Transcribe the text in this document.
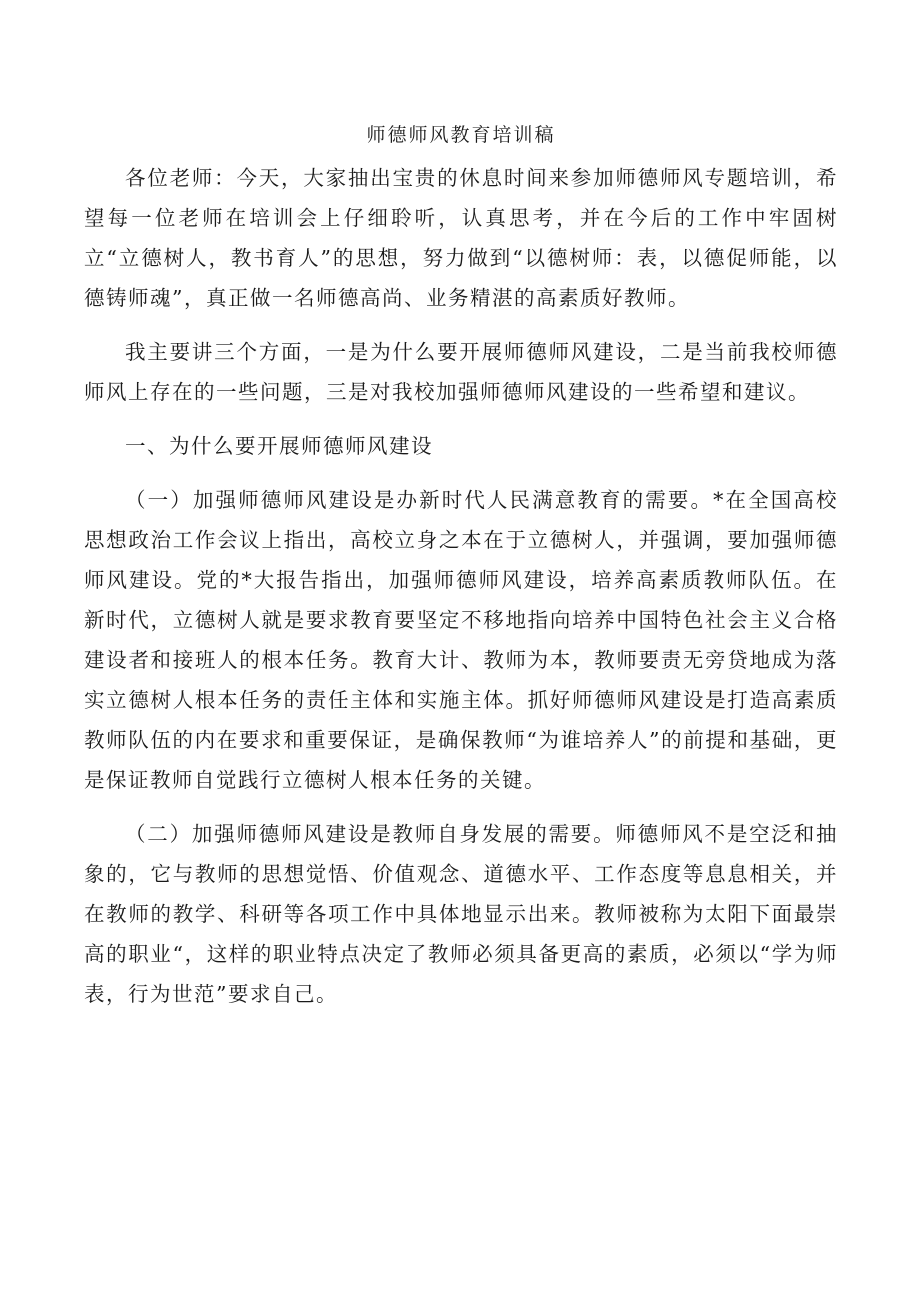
师德师风教育培训稿

各位老师：今天，大家抽出宝贵的休息时间来参加师德师风专题培训，希望每一位老师在培训会上仔细聆听，认真思考，并在今后的工作中牢固树立“立德树人，教书育人”的思想，努力做到“以德树师：表，以德促师能，以德铸师魂”，真正做一名师德高尚、业务精湛的高素质好教师。

我主要讲三个方面，一是为什么要开展师德师风建设，二是当前我校师德师风上存在的一些问题，三是对我校加强师德师风建设的一些希望和建议。

一、为什么要开展师德师风建设

（一）加强师德师风建设是办新时代人民满意教育的需要。*在全国高校思想政治工作会议上指出，高校立身之本在于立德树人，并强调，要加强师德师风建设。党的*大报告指出，加强师德师风建设，培养高素质教师队伍。在新时代，立德树人就是要求教育要坚定不移地指向培养中国特色社会主义合格建设者和接班人的根本任务。教育大计、教师为本，教师要责无旁贷地成为落实立德树人根本任务的责任主体和实施主体。抓好师德师风建设是打造高素质教师队伍的内在要求和重要保证，是确保教师“为谁培养人”的前提和基础，更是保证教师自觉践行立德树人根本任务的关键。

（二）加强师德师风建设是教师自身发展的需要。师德师风不是空泛和抽象的，它与教师的思想觉悟、价值观念、道德水平、工作态度等息息相关，并在教师的教学、科研等各项工作中具体地显示出来。教师被称为太阳下面最崇高的职业“，这样的职业特点决定了教师必须具备更高的素质，必须以“学为师表，行为世范”要求自己。
